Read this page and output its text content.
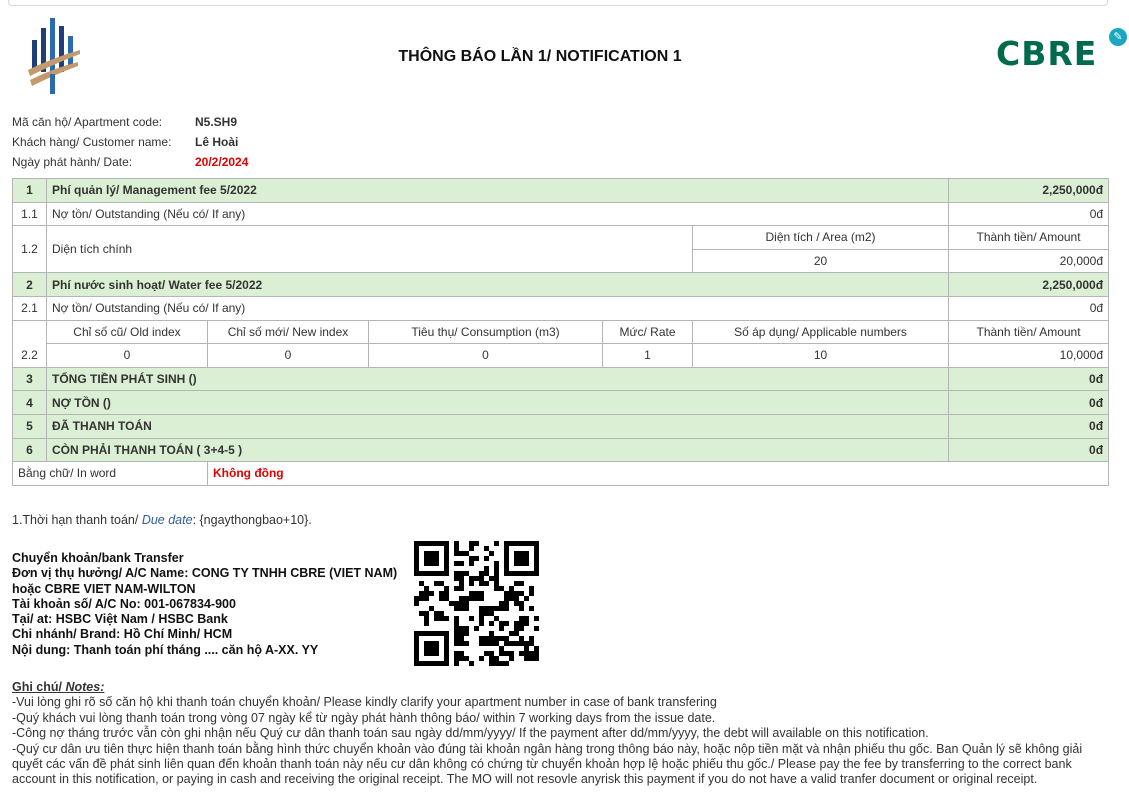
THÔNG BÁO LẦN 1/ NOTIFICATION 1	CBRE	✎
Mã căn hộ/ Apartment code:	N5.SH9
Khách hàng/ Customer name:	Lê Hoài
Ngày phát hành/ Date:	20/2/2024
1	Phí quản lý/ Management fee 5/2022					2,250,000đ
1.1	Nợ tồn/ Outstanding (Nếu có/ If any)					0đ
1.2	Diện tích chính				Diện tích / Area (m2)	Thành tiền/ Amount
					20	20,000đ
2	Phí nước sinh hoạt/ Water fee 5/2022					2,250,000đ
2.1	Nợ tồn/ Outstanding (Nếu có/ If any)					0đ
2.2	Chỉ số cũ/ Old index	Chỉ số mới/ New index	Tiêu thụ/ Consumption (m3)	Mức/ Rate	Số áp dụng/ Applicable numbers	Thành tiền/ Amount
	0	0	0	1	10	10,000đ
3	TỔNG TIỀN PHÁT SINH ()					0đ
4	NỢ TỒN ()					0đ
5	ĐÃ THANH TOÁN					0đ
6	CÒN PHẢI THANH TOÁN ( 3+4-5 )					0đ
Bằng chữ/ In word		Không đồng				
1.Thời hạn thanh toán/ Due date: {ngaythongbao+10}.
Chuyển khoản/bank Transfer
Đơn vị thụ hưởng/ A/C Name: CONG TY TNHH CBRE (VIET NAM)
hoặc CBRE VIET NAM-WILTON
Tài khoản số/ A/C No: 001-067834-900
Tại/ at: HSBC Việt Nam / HSBC Bank
Chi nhánh/ Brand: Hồ Chí Minh/ HCM
Nội dung: Thanh toán phí tháng .... căn hộ A-XX. YY
Ghi chú/ Notes:
-Vui lòng ghi rõ số căn hộ khi thanh toán chuyển khoản/ Please kindly clarify your apartment number in case of bank transfering
-Quý khách vui lòng thanh toán trong vòng 07 ngày kể từ ngày phát hành thông báo/ within 7 working days from the issue date.
-Công nợ tháng trước vẫn còn ghi nhận nếu Quý cư dân thanh toán sau ngày dd/mm/yyyy/ If the payment after dd/mm/yyyy, the debt will available on this notification.
-Quý cư dân ưu tiên thực hiện thanh toán bằng hình thức chuyển khoản vào đúng tài khoản ngân hàng trong thông báo này, hoặc nộp tiền mặt và nhận phiếu thu gốc. Ban Quản lý sẽ không giải quyết các vấn đề phát sinh liên quan đến khoản thanh toán này nếu cư dân không có chứng từ chuyển khoản hợp lệ hoặc phiếu thu gốc./ Please pay the fee by transferring to the correct bank account in this notification, or paying in cash and receiving the original receipt. The MO will not resovle anyrisk this payment if you do not have a valid tranfer document or original receipt.
